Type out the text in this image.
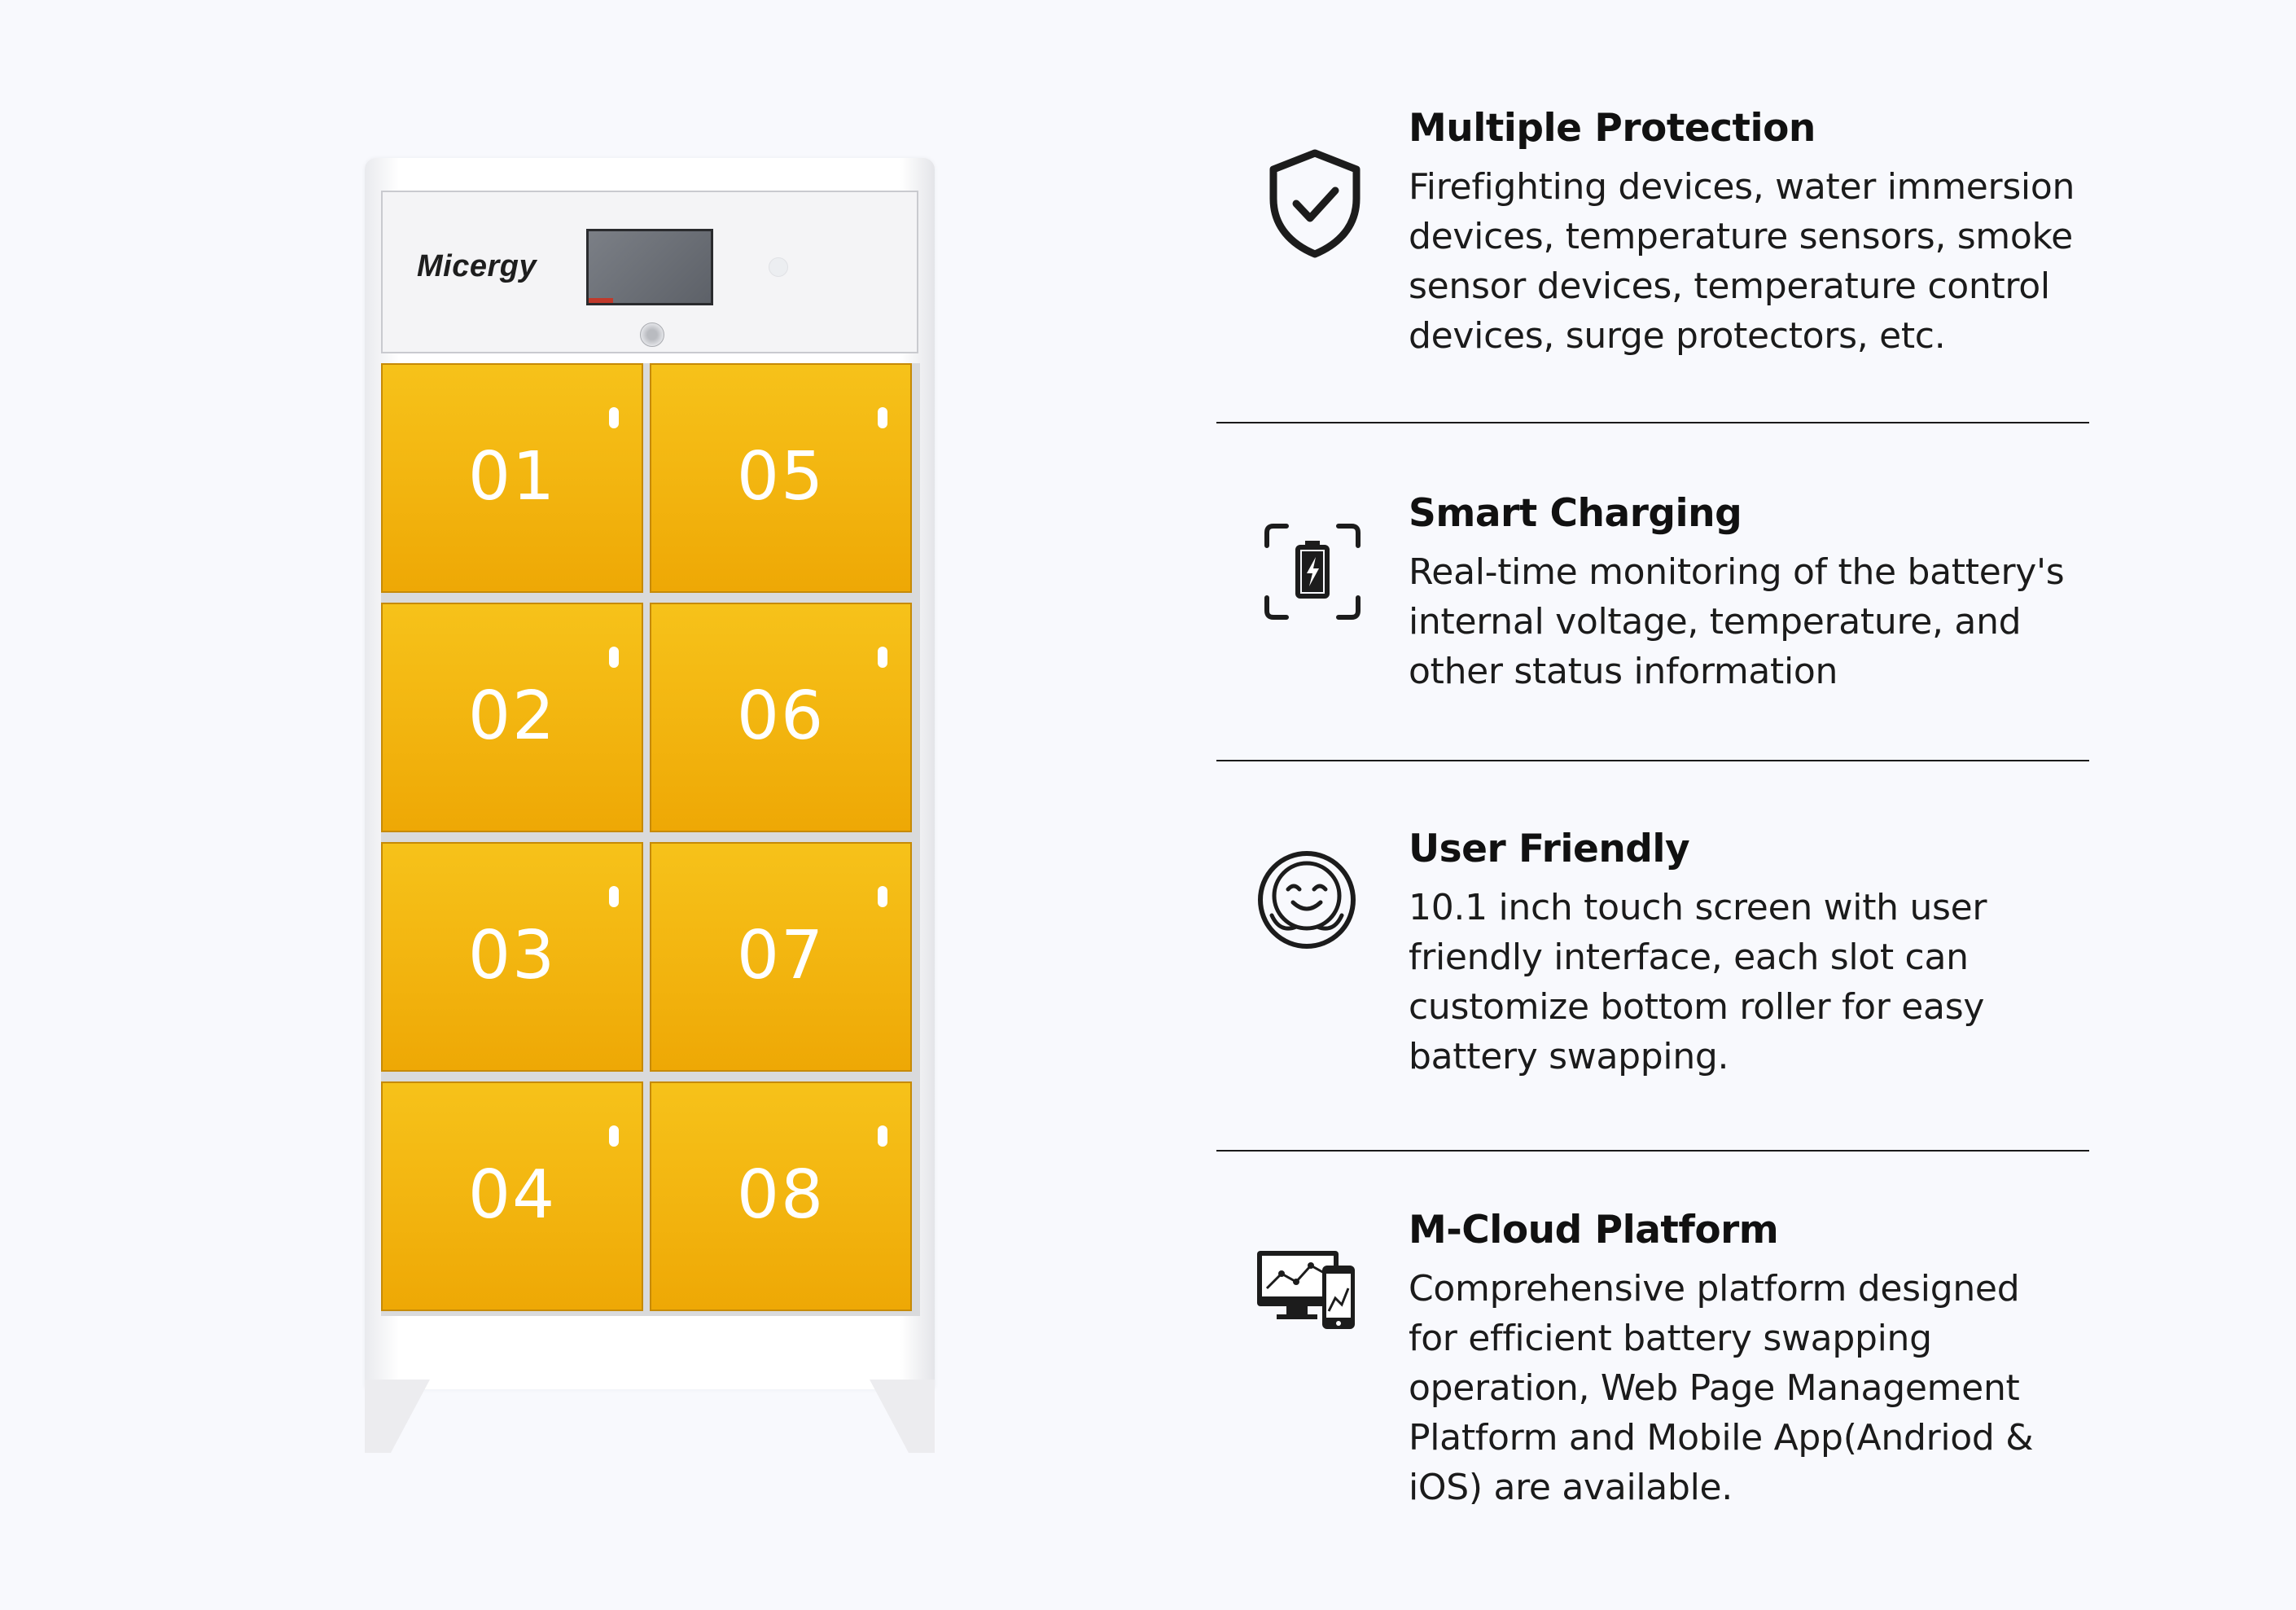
Micergy
01
02
03
04
05
06
07
08
Multiple Protection

Firefighting devices, water immersion devices, temperature sensors, smoke sensor devices, temperature control devices, surge protectors, etc.

Smart Charging

Real-time monitoring of the battery's internal voltage, temperature, and other status information

User Friendly

10.1 inch touch screen with user friendly interface, each slot can customize bottom roller for easy battery swapping.

M-Cloud Platform

Comprehensive platform designed for efficient battery swapping operation, Web Page Management Platform and Mobile App(Andriod & iOS) are available.
